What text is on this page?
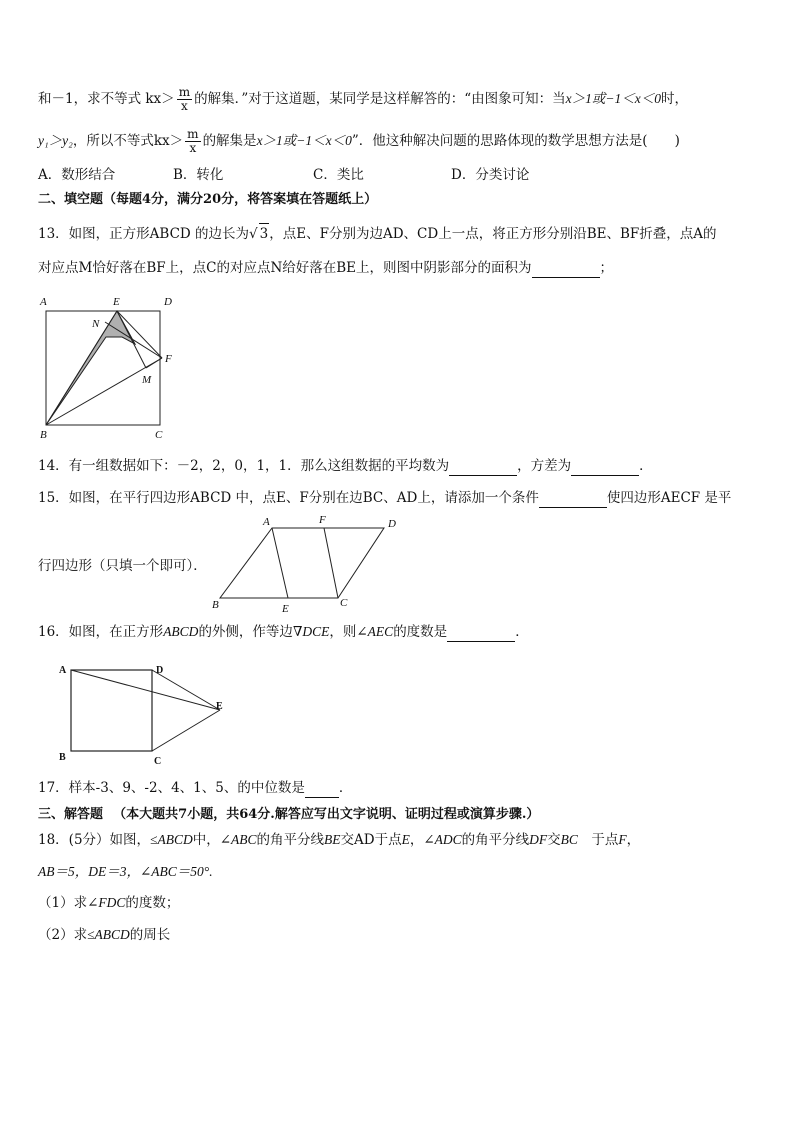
和－1，求不等式 $kx> \frac{m}{x}$ 的解集．”对于这道题，某同学是这样解答的：“由图象可知：当x＞1或−1＜x＜0时，
y₁＞y₂，所以不等式$kx> \frac{m}{x}$ 的解集是x＞1或−1＜x＜0”．他这种解决问题的思路体现的数学思想方法是(　　)
A．数形结合	B．转化	C．类比	D．分类讨论
二、填空题（每题4分，满分20分，将答案填在答题纸上）
13．如图，正方形ABCD 的边长为√ 3，点E、F分别为边AD、CD上一点，将正方形分别沿BE、BF折叠，点A的
对应点M恰好落在BF上，点C的对应点N给好落在BE上，则图中阴影部分的面积为	；
A	E	D
N
F
M
B	C
14．有一组数据如下：－2，2，0，1，1．那么这组数据的平均数为	，方差为	．
15．如图，在平行四边形ABCD 中，点E、F分别在边BC、AD上，请添加一个条件	使四边形AECF 是平
行四边形（只填一个即可）．
A	F	D
B	E	C
16．如图，在正方形ABCD的外侧，作等边∇DCE，则∠AEC的度数是	．
A	D
E
B	C
17．样本-3、9、-2、4、1、5、的中位数是	．
三、解答题 （本大题共7小题，共64分.解答应写出文字说明、证明过程或演算步骤.）
18．(5分）如图，≤ABCD中，∠ABC的角平分线BE交AD于点E，∠ADC的角平分线DF交BC　于点F，
AB＝5，DE＝3，∠ABC＝50°.
（1）求∠FDC的度数；
（2）求≤ABCD的周长
